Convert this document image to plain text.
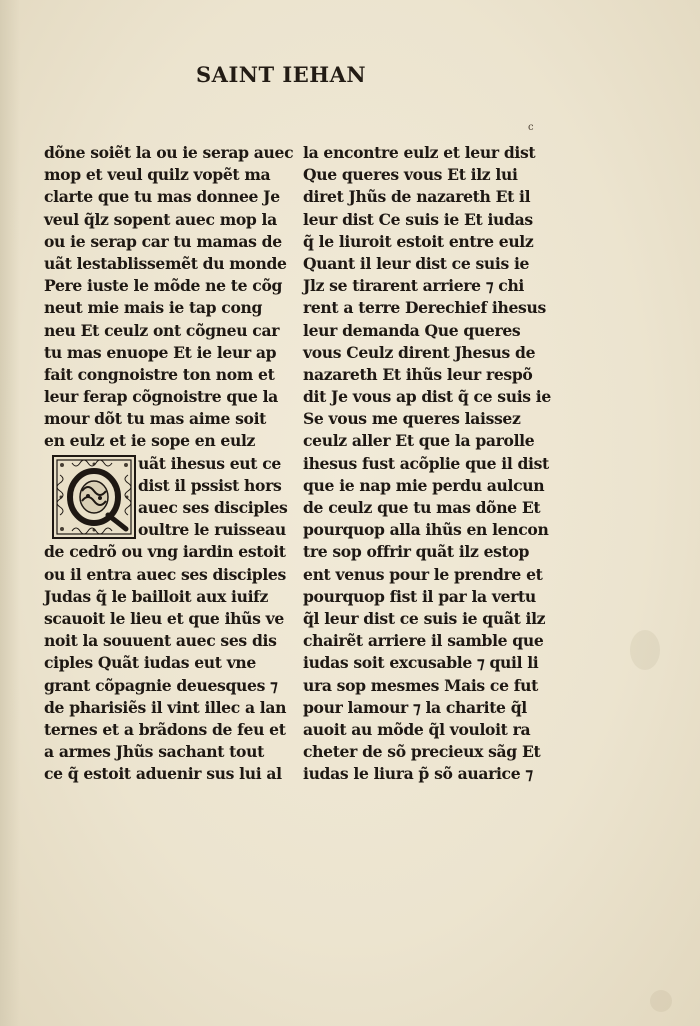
SAINT IEHAN
c
dõne soiẽt la ou ie serap auec
mop et veul quilz vopẽt ma
clarte que tu mas donnee Je
veul q̃lz sopent auec mop la
ou ie serap car tu mamas de
uãt lestablissemẽt du monde
Pere iuste le mõde ne te cõg
neut mie mais ie tap cong
neu Et ceulz ont cõgneu car
tu mas enuope Et ie leur ap
fait congnoistre ton nom et
leur ferap cõgnoistre que la
mour dõt tu mas aime soit
en eulz et ie sope en eulz
uãt ihesus eut ce
dist il pssist hors
auec ses disciples
oultre le ruisseau
de cedrõ ou vng iardin estoit
ou il entra auec ses disciples
Judas q̃ le bailloit aux iuifz
scauoit le lieu et que ihũs ve
noit la souuent auec ses dis
ciples Quãt iudas eut vne
grant cõpagnie deuesques ⁊
de pharisiẽs il vint illec a lan
ternes et a brãdons de feu et
a armes Jhũs sachant tout
ce q̃ estoit aduenir sus lui al
la encontre eulz et leur dist
Que queres vous Et ilz lui
diret Jhũs de nazareth Et il
leur dist Ce suis ie Et iudas
q̃ le liuroit estoit entre eulz
Quant il leur dist ce suis ie
Jlz se tirarent arriere ⁊ chi
rent a terre Derechief ihesus
leur demanda Que queres
vous Ceulz dirent Jhesus de
nazareth Et ihũs leur respõ
dit Je vous ap dist q̃ ce suis ie
Se vous me queres laissez
ceulz aller Et que la parolle
ihesus fust acõplie que il dist
que ie nap mie perdu aulcun
de ceulz que tu mas dõne Et
pourquop alla ihũs en lencon
tre sop offrir quãt ilz estop
ent venus pour le prendre et
pourquop fist il par la vertu
q̃l leur dist ce suis ie quãt ilz
chairẽt arriere il samble que
iudas soit excusable ⁊ quil li
ura sop mesmes Mais ce fut
pour lamour ⁊ la charite q̃l
auoit au mõde q̃l vouloit ra
cheter de sõ precieux sãg Et
iudas le liura p̃ sõ auarice ⁊
